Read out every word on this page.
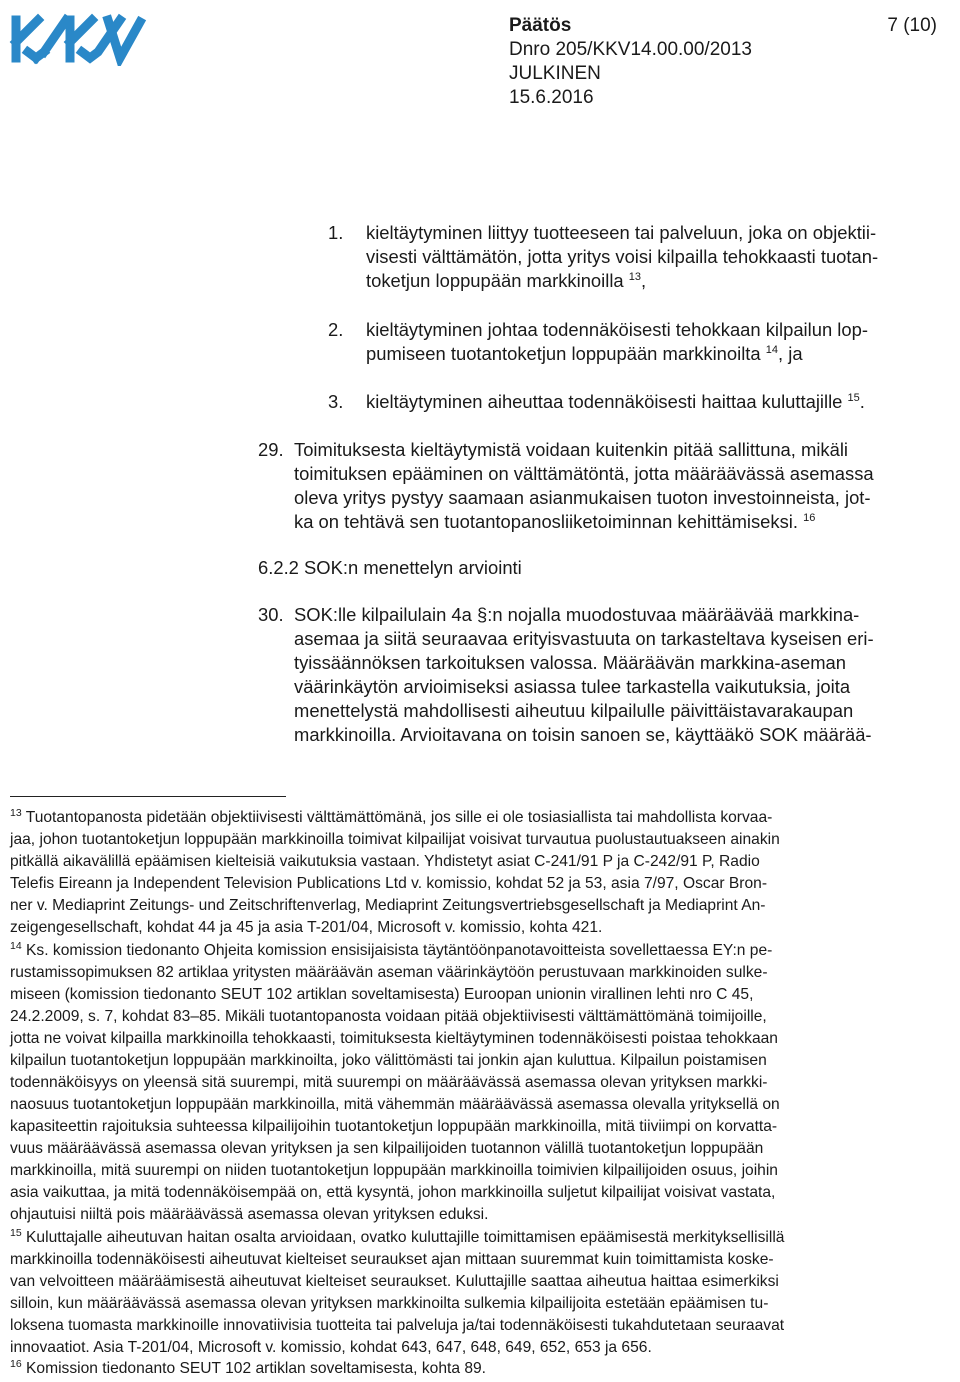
KKV
Päätös	7 (10)
Dnro 205/KKV14.00.00/2013
JULKINEN
15.6.2016
1. kieltäytyminen liittyy tuotteeseen tai palveluun, joka on objektii-
visesti välttämätön, jotta yritys voisi kilpailla tehokkaasti tuotan-
toketjun loppupään markkinoilla $^{13}$,
2. kieltäytyminen johtaa todennäköisesti tehokkaan kilpailun lop-
pumiseen tuotantoketjun loppupään markkinoilta $^{14}$, ja
3. kieltäytyminen aiheuttaa todennäköisesti haittaa kuluttajille $^{15}$.
29. Toimituksesta kieltäytymistä voidaan kuitenkin pitää sallittuna, mikäli
toimituksen epääminen on välttämätöntä, jotta määräävässä asemassa
oleva yritys pystyy saamaan asianmukaisen tuoton investoinneista, jot-
ka on tehtävä sen tuotantopanosliiketoiminnan kehittämiseksi. $^{16}$
6.2.2 SOK:n menettelyn arviointi
30. SOK:lle kilpailulain 4a §:n nojalla muodostuvaa määräävää markkina-
asemaa ja siitä seuraavaa erityisvastuuta on tarkasteltava kyseisen eri-
tyissäännöksen tarkoituksen valossa. Määräävän markkina-aseman
väärinkäytön arvioimiseksi asiassa tulee tarkastella vaikutuksia, joita
menettelystä mahdollisesti aiheutuu kilpailulle päivittäistavarakaupan
markkinoilla. Arvioitavana on toisin sanoen se, käyttääkö SOK määrää-
$^{13}$ Tuotantopanosta pidetään objektiivisesti välttämättömänä, jos sille ei ole tosiasiallista tai mahdollista korvaa-
jaa, johon tuotantoketjun loppupään markkinoilla toimivat kilpailijat voisivat turvautua puolustautuakseen ainakin
pitkällä aikavälillä epäämisen kielteisiä vaikutuksia vastaan. Yhdistetyt asiat C-241/91 P ja C-242/91 P, Radio
Telefis Eireann ja Independent Television Publications Ltd v. komissio, kohdat 52 ja 53, asia 7/97, Oscar Bron-
ner v. Mediaprint Zeitungs- und Zeitschriftenverlag, Mediaprint Zeitungsvertriebsgesellschaft ja Mediaprint An-
zeigengesellschaft, kohdat 44 ja 45 ja asia T-201/04, Microsoft v. komissio, kohta 421.
$^{14}$ Ks. komission tiedonanto Ohjeita komission ensisijaisista täytäntöönpanotavoitteista sovellettaessa EY:n pe-
rustamissopimuksen 82 artiklaa yritysten määräävän aseman väärinkäytöön perustuvaan markkinoiden sulke-
miseen (komission tiedonanto SEUT 102 artiklan soveltamisesta) Euroopan unionin virallinen lehti nro C 45,
24.2.2009, s. 7, kohdat 83–85. Mikäli tuotantopanosta voidaan pitää objektiivisesti välttämättömänä toimijoille,
jotta ne voivat kilpailla markkinoilla tehokkaasti, toimituksesta kieltäytyminen todennäköisesti poistaa tehokkaan
kilpailun tuotantoketjun loppupään markkinoilta, joko välittömästi tai jonkin ajan kuluttua. Kilpailun poistamisen
todennäköisyys on yleensä sitä suurempi, mitä suurempi on määräävässä asemassa olevan yrityksen markki-
naosuus tuotantoketjun loppupään markkinoilla, mitä vähemmän määräävässä asemassa olevalla yrityksellä on
kapasiteettin rajoituksia suhteessa kilpailijoihin tuotantoketjun loppupään markkinoilla, mitä tiiviimpi on korvatta-
vuus määräävässä asemassa olevan yrityksen ja sen kilpailijoiden tuotannon välillä tuotantoketjun loppupään
markkinoilla, mitä suurempi on niiden tuotantoketjun loppupään markkinoilla toimivien kilpailijoiden osuus, joihin
asia vaikuttaa, ja mitä todennäköisempää on, että kysyntä, johon markkinoilla suljetut kilpailijat voisivat vastata,
ohjautuisi niiltä pois määräävässä asemassa olevan yrityksen eduksi.
$^{15}$ Kuluttajalle aiheutuvan haitan osalta arvioidaan, ovatko kuluttajille toimittamisen epäämisestä merkityksellisillä
markkinoilla todennäköisesti aiheutuvat kielteiset seuraukset ajan mittaan suuremmat kuin toimittamista koske-
van velvoitteen määräämisestä aiheutuvat kielteiset seuraukset. Kuluttajille saattaa aiheutua haittaa esimerkiksi
silloin, kun määräävässä asemassa olevan yrityksen markkinoilta sulkemia kilpailijoita estetään epäämisen tu-
loksena tuomasta markkinoille innovatiivisia tuotteita tai palveluja ja/tai todennäköisesti tukahdutetaan seuraavat
innovaatiot. Asia T-201/04, Microsoft v. komissio, kohdat 643, 647, 648, 649, 652, 653 ja 656.
$^{16}$ Komission tiedonanto SEUT 102 artiklan soveltamisesta, kohta 89.
